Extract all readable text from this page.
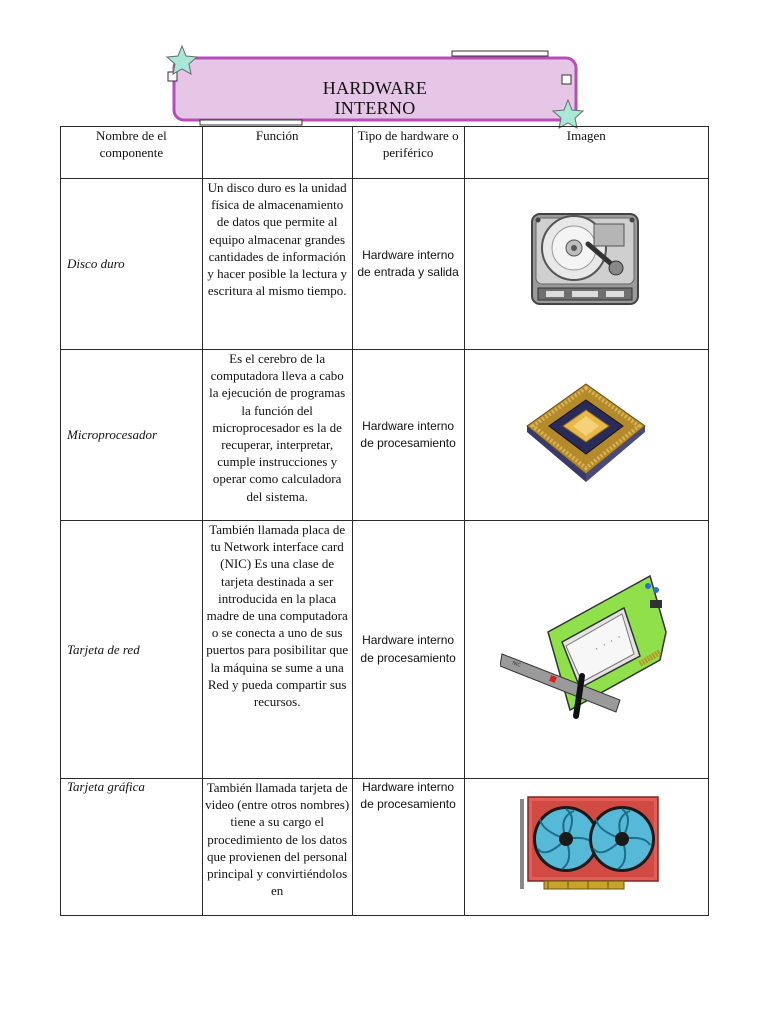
HARDWARE
INTERNO
Nombre de el componente	Función	Tipo de hardware o periférico	Imagen
Disco duro	Un disco duro es la unidad física de almacenamiento de datos que permite al equipo almacenar grandes cantidades de información y hacer posible la lectura y escritura al mismo tiempo.	Hardware interno de entrada y salida	
Microprocesador	Es el cerebro de la computadora lleva a cabo la ejecución de programas la función del microprocesador es la de recuperar, interpretar, cumple instrucciones y operar como calculadora del sistema.	Hardware interno de procesamiento	
Tarjeta de red	También llamada placa de tu Network interface card (NIC) Es una clase de tarjeta destinada a ser introducida en la placa madre de una computadora o se conecta a uno de sus puertos para posibilitar que la máquina se sume a una Red y pueda compartir sus recursos.	Hardware interno de procesamiento	· · · ·
NIC

Tarjeta gráfica	También llamada tarjeta de video (entre otros nombres) tiene a su cargo el procedimiento de los datos que provienen del personal principal y convirtiéndolos en	Hardware interno de procesamiento	
